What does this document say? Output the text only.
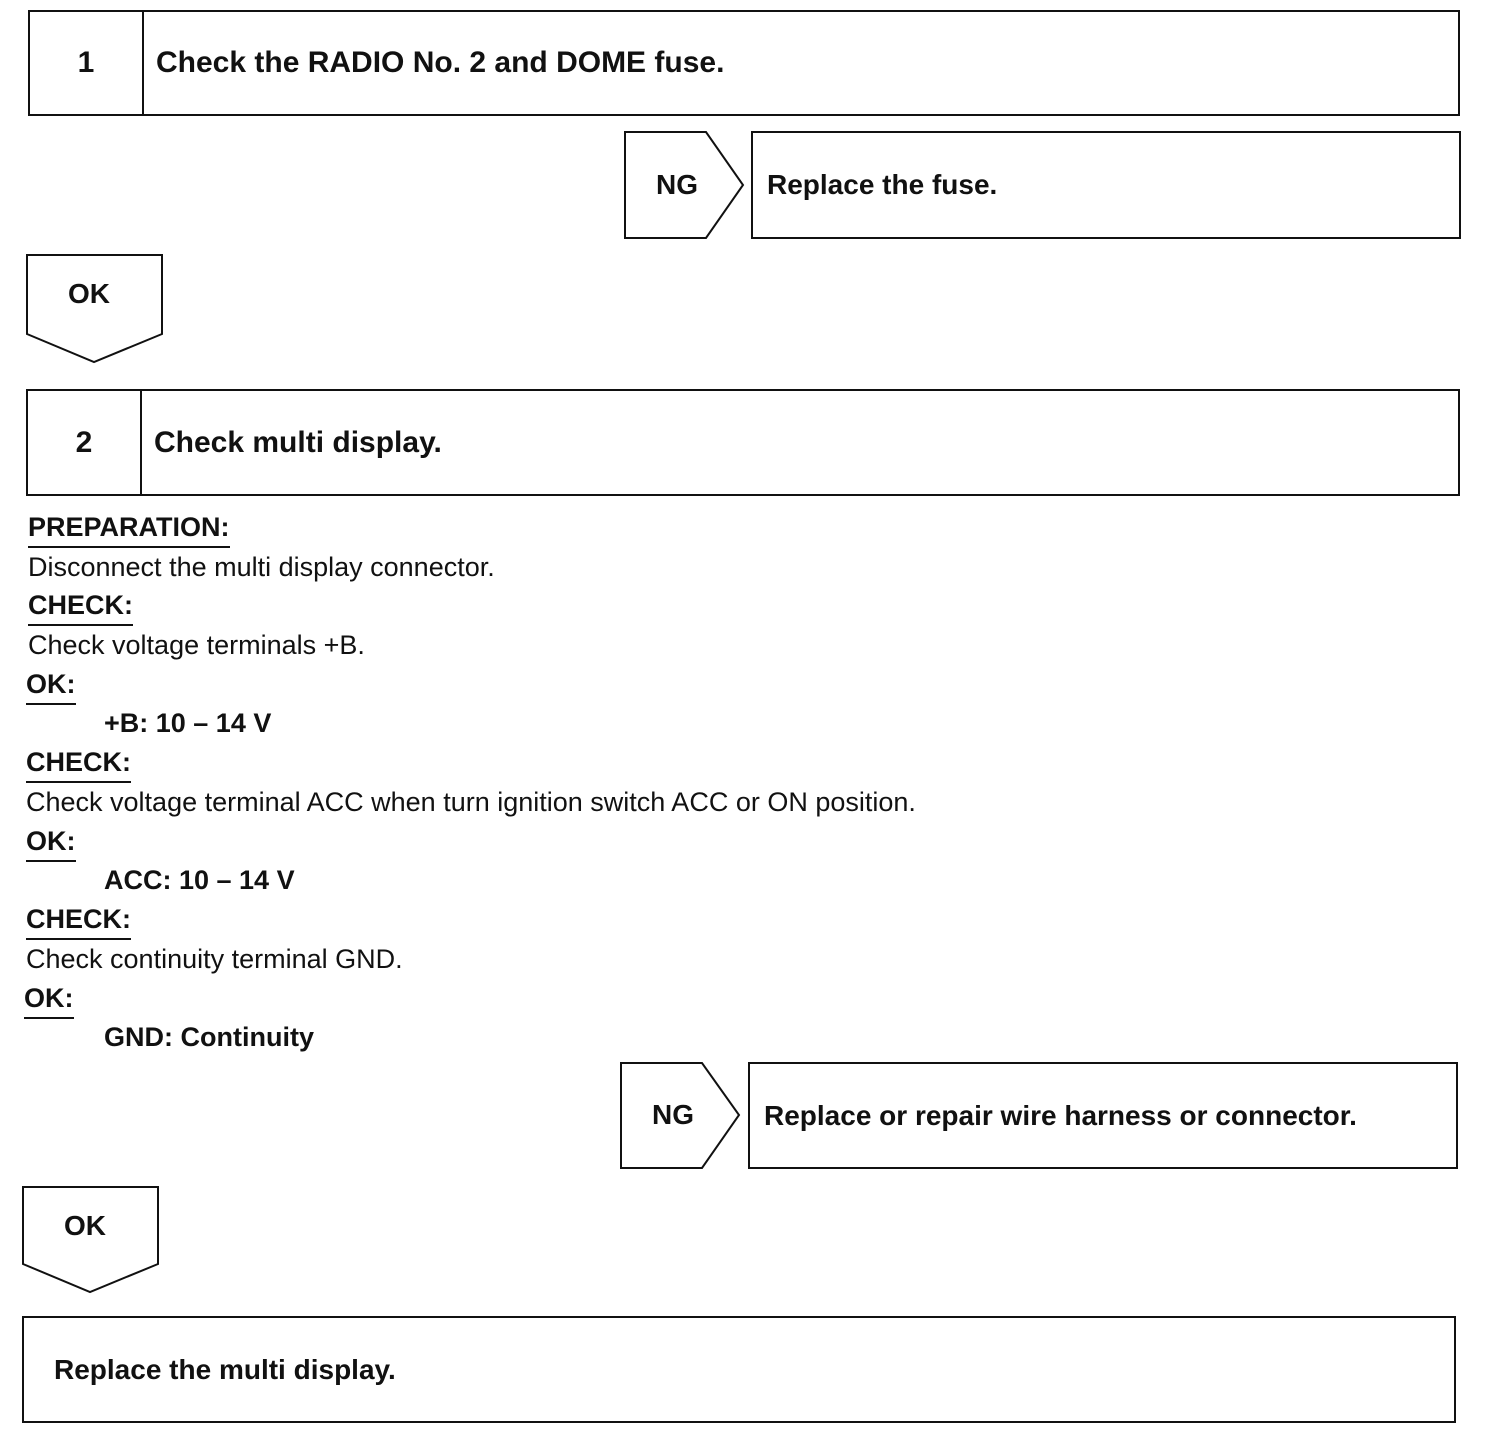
1	Check the RADIO No. 2 and DOME fuse.
NG Replace the fuse.
OK
2	Check multi display.
PREPARATION:
Disconnect the multi display connector.
CHECK:
Check voltage terminals +B.
OK:
+B: 10 – 14 V
CHECK:
Check voltage terminal ACC when turn ignition switch ACC or ON position.
OK:
ACC: 10 – 14 V
CHECK:
Check continuity terminal GND.
OK:
GND: Continuity
NG	Replace or repair wire harness or connector.
OK
Replace the multi display.
